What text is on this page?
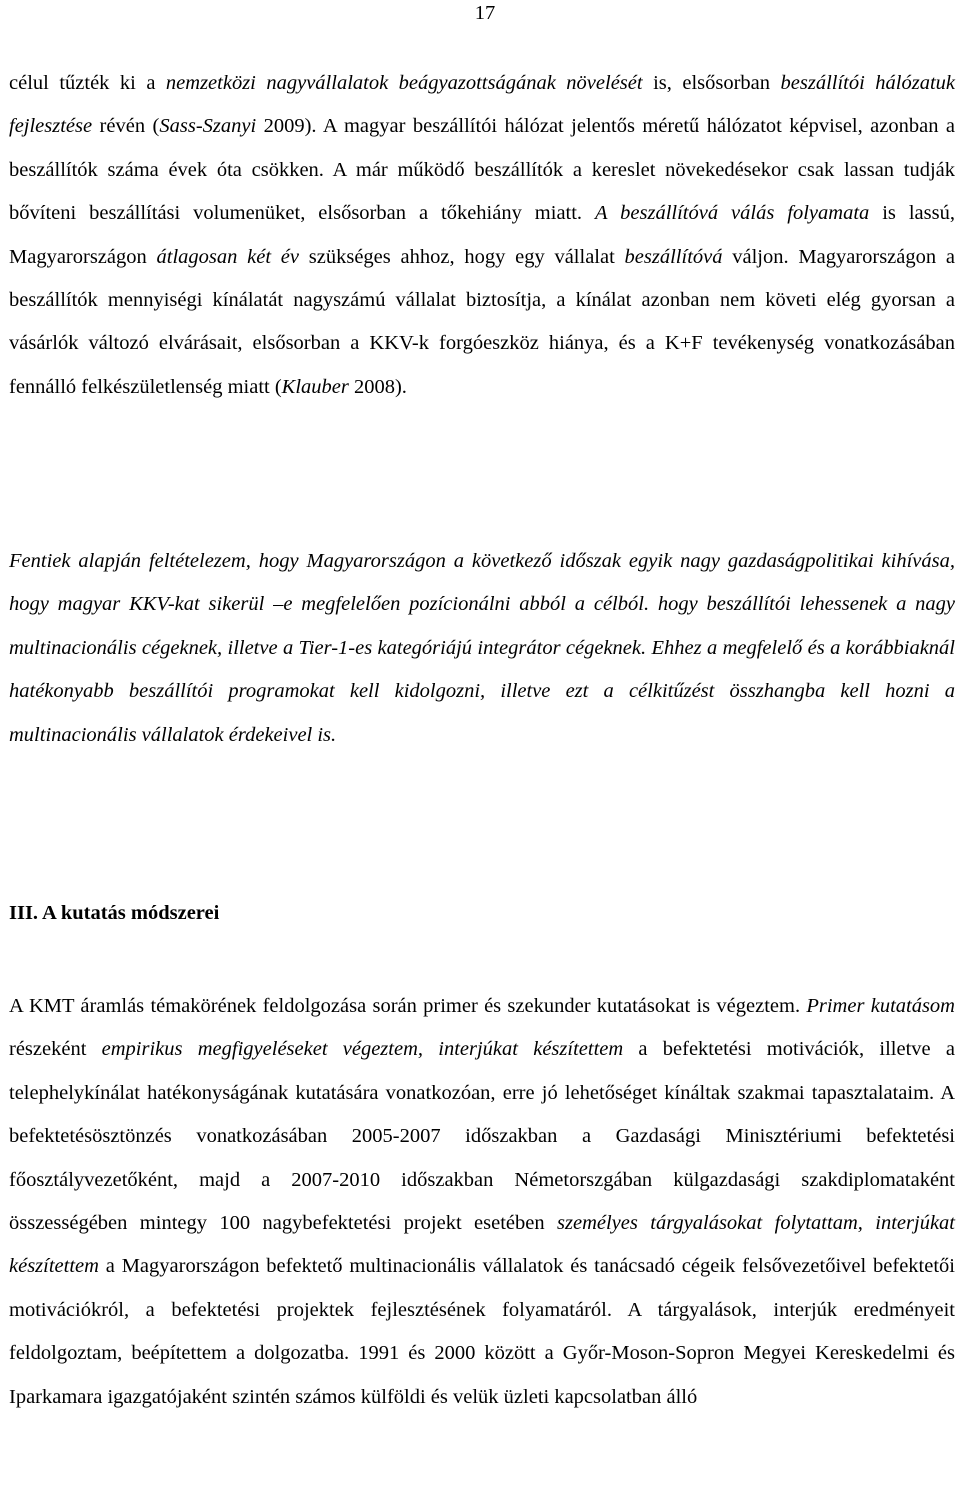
17

célul tűzték ki a nemzetközi nagyvállalatok beágyazottságának növelését is, elsősorban beszállítói hálózatuk fejlesztése révén (Sass-Szanyi 2009). A magyar beszállítói hálózat jelentős méretű hálózatot képvisel, azonban a beszállítók száma évek óta csökken. A már működő beszállítók a kereslet növekedésekor csak lassan tudják bővíteni beszállítási volumenüket, elsősorban a tőkehiány miatt. A beszállítóvá válás folyamata is lassú, Magyarországon átlagosan két év szükséges ahhoz, hogy egy vállalat beszállítóvá váljon. Magyarországon a beszállítók mennyiségi kínálatát nagyszámú vállalat biztosítja, a kínálat azonban nem követi elég gyorsan a vásárlók változó elvárásait, elsősorban a KKV-k forgóeszköz hiánya, és a K+F tevékenység vonatkozásában fennálló felkészületlenség miatt (Klauber 2008).

Fentiek alapján feltételezem, hogy Magyarországon a következő időszak egyik nagy gazdaságpolitikai kihívása, hogy magyar KKV-kat sikerül –e megfelelően pozícionálni abból a célból. hogy beszállítói lehessenek a nagy multinacionális cégeknek, illetve a Tier-1-es kategóriájú integrátor cégeknek. Ehhez a megfelelő és a korábbiaknál hatékonyabb beszállítói programokat kell kidolgozni, illetve ezt a célkitűzést összhangba kell hozni a multinacionális vállalatok érdekeivel is.

III. A kutatás módszerei

A KMT áramlás témakörének feldolgozása során primer és szekunder kutatásokat is végeztem. Primer kutatásom részeként empirikus megfigyeléseket végeztem, interjúkat készítettem a befektetési motivációk, illetve a telephelykínálat hatékonyságának kutatására vonatkozóan, erre jó lehetőséget kínáltak szakmai tapasztalataim. A befektetésösztönzés vonatkozásában 2005-2007 időszakban a Gazdasági Minisztériumi befektetési főosztályvezetőként, majd a 2007-2010 időszakban Németorszgában külgazdasági szakdiplomataként összességében mintegy 100 nagybefektetési projekt esetében személyes tárgyalásokat folytattam, interjúkat készítettem a Magyarországon befektető multinacionális vállalatok és tanácsadó cégeik felsővezetőivel befektetői motivációkról, a befektetési projektek fejlesztésének folyamatáról. A tárgyalások, interjúk eredményeit feldolgoztam, beépítettem a dolgozatba. 1991 és 2000 között a Győr-Moson-Sopron Megyei Kereskedelmi és Iparkamara igazgatójaként szintén számos külföldi és velük üzleti kapcsolatban álló
